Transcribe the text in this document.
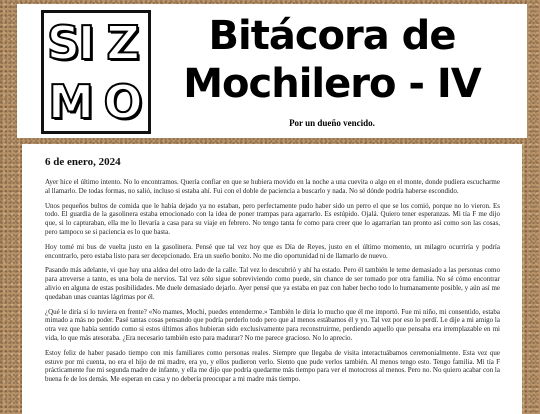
SI Z
M O
Bitácora de
Mochilero - IV
Por un dueño vencido.
6 de enero, 2024

Ayer hice el último intento. No lo encontramos. Quería confiar en que se hubiera movido en la noche a una cuevita o algo en el monte, donde pudiera escucharme al llamarlo. De todas formas, no salió, incluso si estaba ahí. Fui con el doble de paciencia a buscarlo y nada. No sé dónde podría haberse escondido.

Unos pequeños bultos de comida que le había dejado ya no estaban, pero perfectamente pudo haber sido un perro el que se los comió, porque no lo vieron. Es todo. El guardia de la gasolinera estaba emocionado con la idea de poner trampas para agarrarlo. Es estúpido. Ojalá. Quiero tener esperanzas. Mi tía F me dijo que, si lo capturaban, ella me lo llevaría a casa para su viaje en febrero. No tengo tanta fe como para creer que lo agarrarían tan pronto así como son las cosas, pero tampoco se si paciencia es lo que basta.

Hoy tomé mi bus de vuelta justo en la gasolinera. Pensé que tal vez hoy que es Día de Reyes, justo en el último momento, un milagro ocurriría y podría encontrarlo, pero estaba listo para ser decepcionado. Era un sueño bonito. No me dio oportunidad ni de llamarlo de nuevo.

Pasando más adelante, vi que hay una aldea del otro lado de la calle. Tal vez lo descubrió y ahí ha estado. Pero él también le teme demasiado a las personas como para atreverse a tanto, es una bola de nervios. Tal vez sólo sigue sobreviviendo como puede, sin chance de ser tomado por otra familia. No sé cómo encontrar alivio en alguna de estas posibilidades. Me duele demasiado dejarlo. Ayer pensé que ya estaba en paz con haber hecho todo lo humanamente posible, y aún así me quedaban unas cuantas lágrimas por él.

¿Qué le diría si lo tuviera en frente? «No mames, Mochi, puedes entenderme.» También le diría lo mucho que él me importó. Fue mi niño, mi consentido, estaba mimado a más no poder. Pasé tantas cosas pensando que podría perderlo todo pero que al menos estábamos él y yo. Tal vez por eso lo perdí. Le dije a mi amigo la otra vez que había sentido como si estos últimos años hubieran sido exclusivamente para reconstruirme, perdiendo aquello que pensaba era irremplazable en mi vida, lo que más atesoraba. ¿Era necesario también esto para madurar? No me parece gracioso. No lo aprecio.

Estoy feliz de haber pasado tiempo con mis familiares como personas reales. Siempre que llegaba de visita interactuábamos ceremonialmente. Esta vez que estuve por mi cuenta, no era el hijo de mi madre, era yo, y ellos pudieron verlo. Siento que pude verlos también. Al menos tengo esto. Tengo familia. Mi tía F prácticamente fue mi segunda madre de infante, y ella me dijo que podría quedarme más tiempo para ver el motocross al menos. Pero no. No quiero acabar con la buena fe de los demás. Me esperan en casa y no debería preocupar a mi madre más tiempo.
